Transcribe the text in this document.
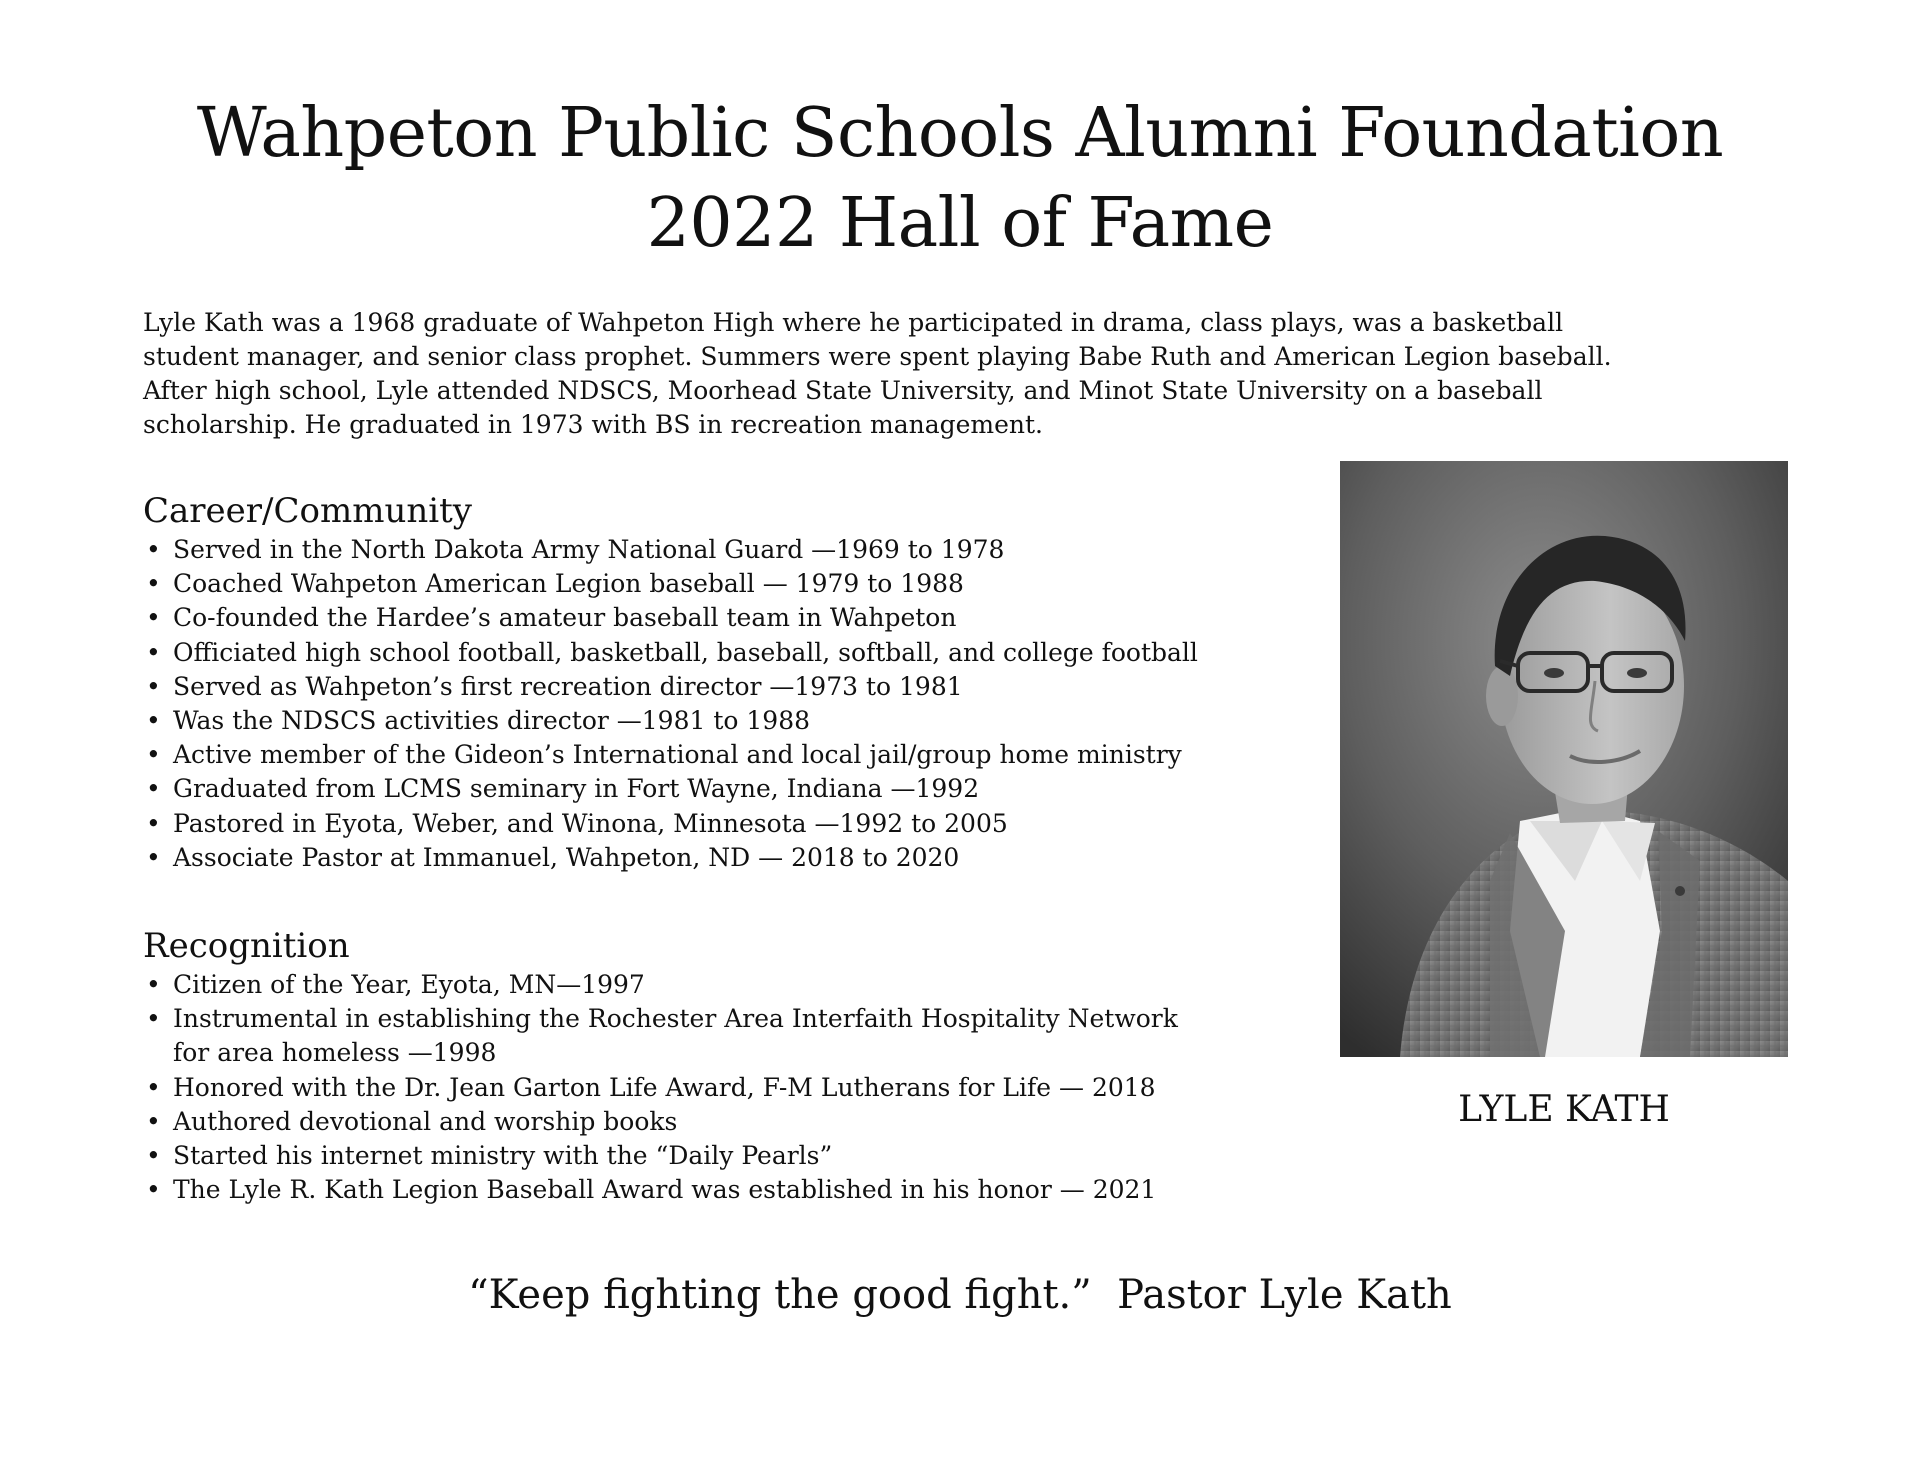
Wahpeton Public Schools Alumni Foundation
2022 Hall of Fame

Lyle Kath was a 1968 graduate of Wahpeton High where he participated in drama, class plays, was a basketball
student manager, and senior class prophet. Summers were spent playing Babe Ruth and American Legion baseball.
After high school, Lyle attended NDSCS, Moorhead State University, and Minot State University on a baseball
scholarship. He graduated in 1973 with BS in recreation management.

Career/Community
• Served in the North Dakota Army National Guard —1969 to 1978
• Coached Wahpeton American Legion baseball — 1979 to 1988
• Co-founded the Hardee’s amateur baseball team in Wahpeton
• Officiated high school football, basketball, baseball, softball, and college football
• Served as Wahpeton’s first recreation director —1973 to 1981
• Was the NDSCS activities director —1981 to 1988
• Active member of the Gideon’s International and local jail/group home ministry
• Graduated from LCMS seminary in Fort Wayne, Indiana —1992
• Pastored in Eyota, Weber, and Winona, Minnesota —1992 to 2005
• Associate Pastor at Immanuel, Wahpeton, ND — 2018 to 2020
Recognition
• Citizen of the Year, Eyota, MN—1997
• Instrumental in establishing the Rochester Area Interfaith Hospitality Network
for area homeless —1998
• Honored with the Dr. Jean Garton Life Award, F-M Lutherans for Life — 2018
• Authored devotional and worship books
• Started his internet ministry with the “Daily Pearls”
• The Lyle R. Kath Legion Baseball Award was established in his honor — 2021
LYLE KATH
“Keep fighting the good fight.”  Pastor Lyle Kath
